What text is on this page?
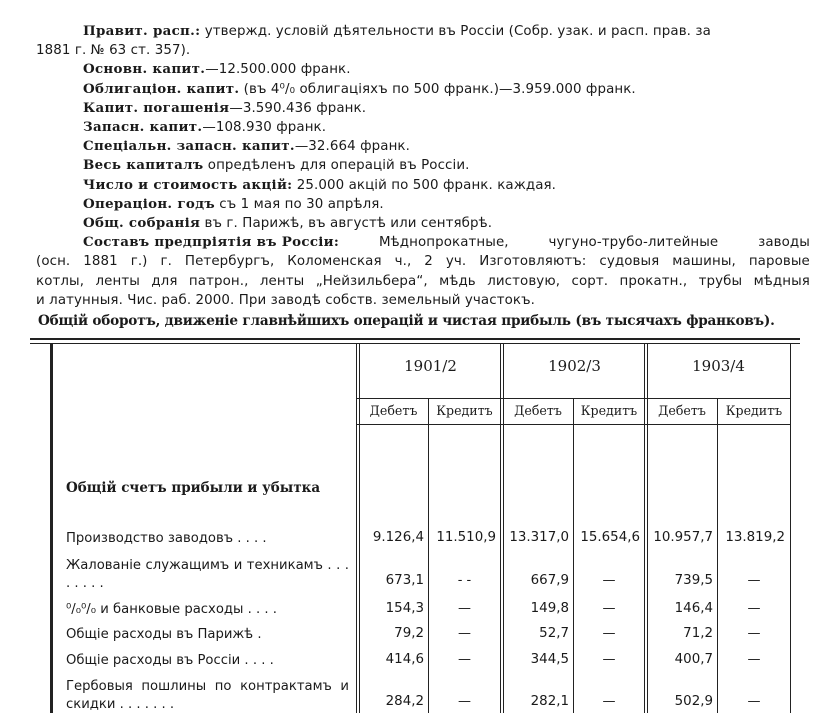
Правит. расп.: утвержд. условій дѣятельности въ Россіи (Собр. узак. и расп. прав. за
1881 г. № 63 ст. 357).
Основн. капит.—12.500.000 франк.
Облигаціон. капит. (въ 4⁰/₀ облигаціяхъ по 500 франк.)—3.959.000 франк.
Капит. погашенія—3.590.436 франк.
Запасн. капит.—108.930 франк.
Спеціальн. запасн. капит.—32.664 франк.
Весь капиталъ опредѣленъ для операцій въ Россіи.
Число и стоимость акцій: 25.000 акцій по 500 франк. каждая.
Операціон. годъ съ 1 мая по 30 апрѣля.
Общ. собранія въ г. Парижѣ, въ августѣ или сентябрѣ.
Составъ предпріятія въ Россіи:	Мѣднопрокатные,	чугуно-трубо-литейные	заводы
(осн. 1881 г.) г. Петербургъ, Коломенская ч., 2 уч. Изготовляютъ: судовыя машины, паровые
котлы, ленты для патрон., ленты „Нейзильбера“, мѣдь листовую, сорт. прокатн., трубы мѣдныя
и латунныя. Чис. раб. 2000. При заводѣ собств. земельный участокъ.
Общій оборотъ, движеніе главнѣйшихъ операцій и чистая прибыль (въ тысячахъ франковъ).
1901/2	1902/3	1903/4
Дебетъ	Кредитъ	Дебетъ	Кредитъ	Дебетъ	Кредитъ
Общій счетъ прибыли и убытка
Производство заводовъ . . . .	9.126,4 11.510,9 13.317,0 15.654,6 10.957,7 13.819,2
Жалованіе служащимъ и техникамъ . . . . . . . .	673,1	- -	667,9	—	739,5	—
⁰/₀⁰/₀ и банковые расходы . . . .	154,3	—	149,8	—	146,4	—
Общіе расходы въ Парижѣ .	79,2	—	52,7	—	71,2	—
Общіе расходы въ Россіи . . . .	414,6	—	344,5	—	400,7	—
Гербовыя пошлины по контрактамъ и скидки . . . . . . .	284,2	—	282,1	—	502,9	—
